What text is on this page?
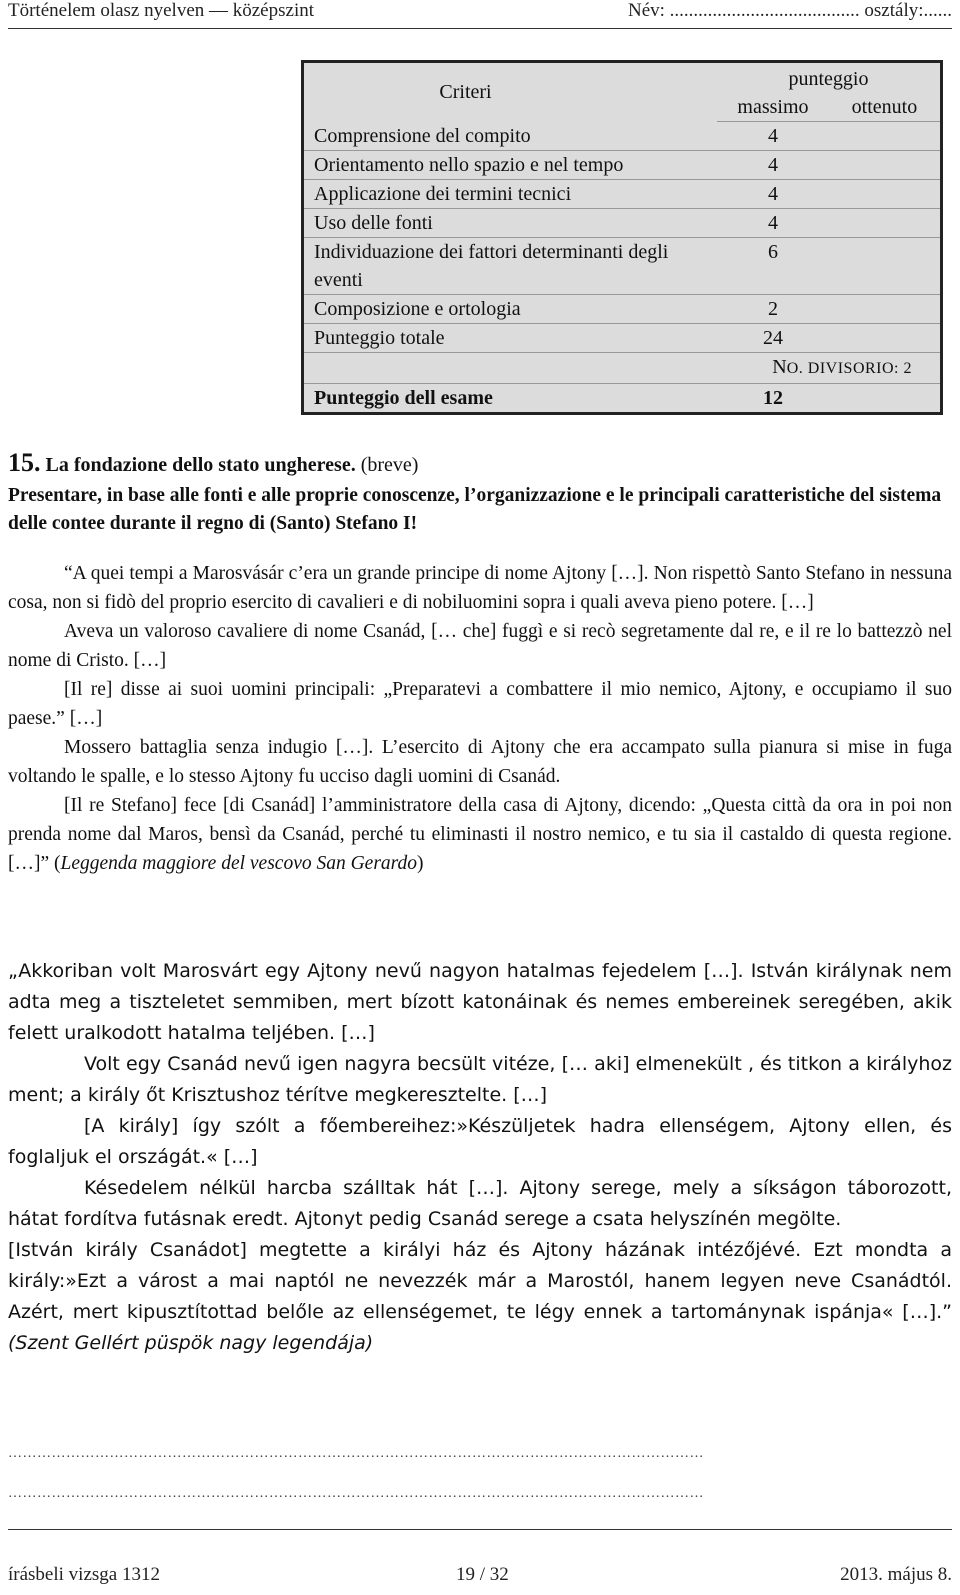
Történelem olasz nyelven — középszint	Név: ........................................ osztály:......
Criteri	punteggio	
	massimo	ottenuto
Comprensione del compito	4	
Orientamento nello spazio e nel tempo	4	
Applicazione dei termini tecnici	4	
Uso delle fonti	4	
Individuazione dei fattori determinanti degli eventi	6	
Composizione e ortologia	2	
Punteggio totale	24	
NO. DIVISORIO: 2		
Punteggio dell esame	12	
15. La fondazione dello stato ungherese. (breve)
Presentare, in base alle fonti e alle proprie conoscenze, l’organizzazione e le principali caratteristiche del sistema delle contee durante il regno di (Santo) Stefano I!

“A quei tempi a Marosvásár c’era un grande principe di nome Ajtony […]. Non rispettò Santo Stefano in nessuna cosa, non si fidò del proprio esercito di cavalieri e di nobiluomini sopra i quali aveva pieno potere. […]

Aveva un valoroso cavaliere di nome Csanád, [… che] fuggì e si recò segretamente dal re, e il re lo battezzò nel nome di Cristo. […]

[Il re] disse ai suoi uomini principali: „Preparatevi a combattere il mio nemico, Ajtony, e occupiamo il suo paese.” […]

Mossero battaglia senza indugio […]. L’esercito di Ajtony che era accampato sulla pianura si mise in fuga voltando le spalle, e lo stesso Ajtony fu ucciso dagli uomini di Csanád.

[Il re Stefano] fece [di Csanád] l’amministratore della casa di Ajtony, dicendo: „Questa città da ora in poi non prenda nome dal Maros, bensì da Csanád, perché tu eliminasti il nostro nemico, e tu sia il castaldo di questa regione. […]” (Leggenda maggiore del vescovo San Gerardo)

„Akkoriban volt Marosvárt egy Ajtony nevű nagyon hatalmas fejedelem […]. István királynak nem adta meg a tiszteletet semmiben, mert bízott katonáinak és nemes embereinek seregében, akik felett uralkodott hatalma teljében. […]

Volt egy Csanád nevű igen nagyra becsült vitéze, [… aki] elmenekült , és titkon a királyhoz ment; a király őt Krisztushoz térítve megkeresztelte. […]

[A király] így szólt a főembereihez:»Készüljetek hadra ellenségem, Ajtony ellen, és foglaljuk el országát.« […]

Késedelem nélkül harcba szálltak hát […]. Ajtony serege, mely a síkságon táborozott, hátat fordítva futásnak eredt. Ajtonyt pedig Csanád serege a csata helyszínén megölte.

[István király Csanádot] megtette a királyi ház és Ajtony házának intézőjévé. Ezt mondta a király:»Ezt a várost a mai naptól ne nevezzék már a Marostól, hanem legyen neve Csanádtól. Azért, mert kipusztítottad belőle az ellenségemet, te légy ennek a tartománynak ispánja« […].” (Szent Gellért püspök nagy legendája)

………………………………………………………………………………………………………………………………
………………………………………………………………………………………………………………………………
írásbeli vizsga 1312	19 / 32	2013. május 8.
